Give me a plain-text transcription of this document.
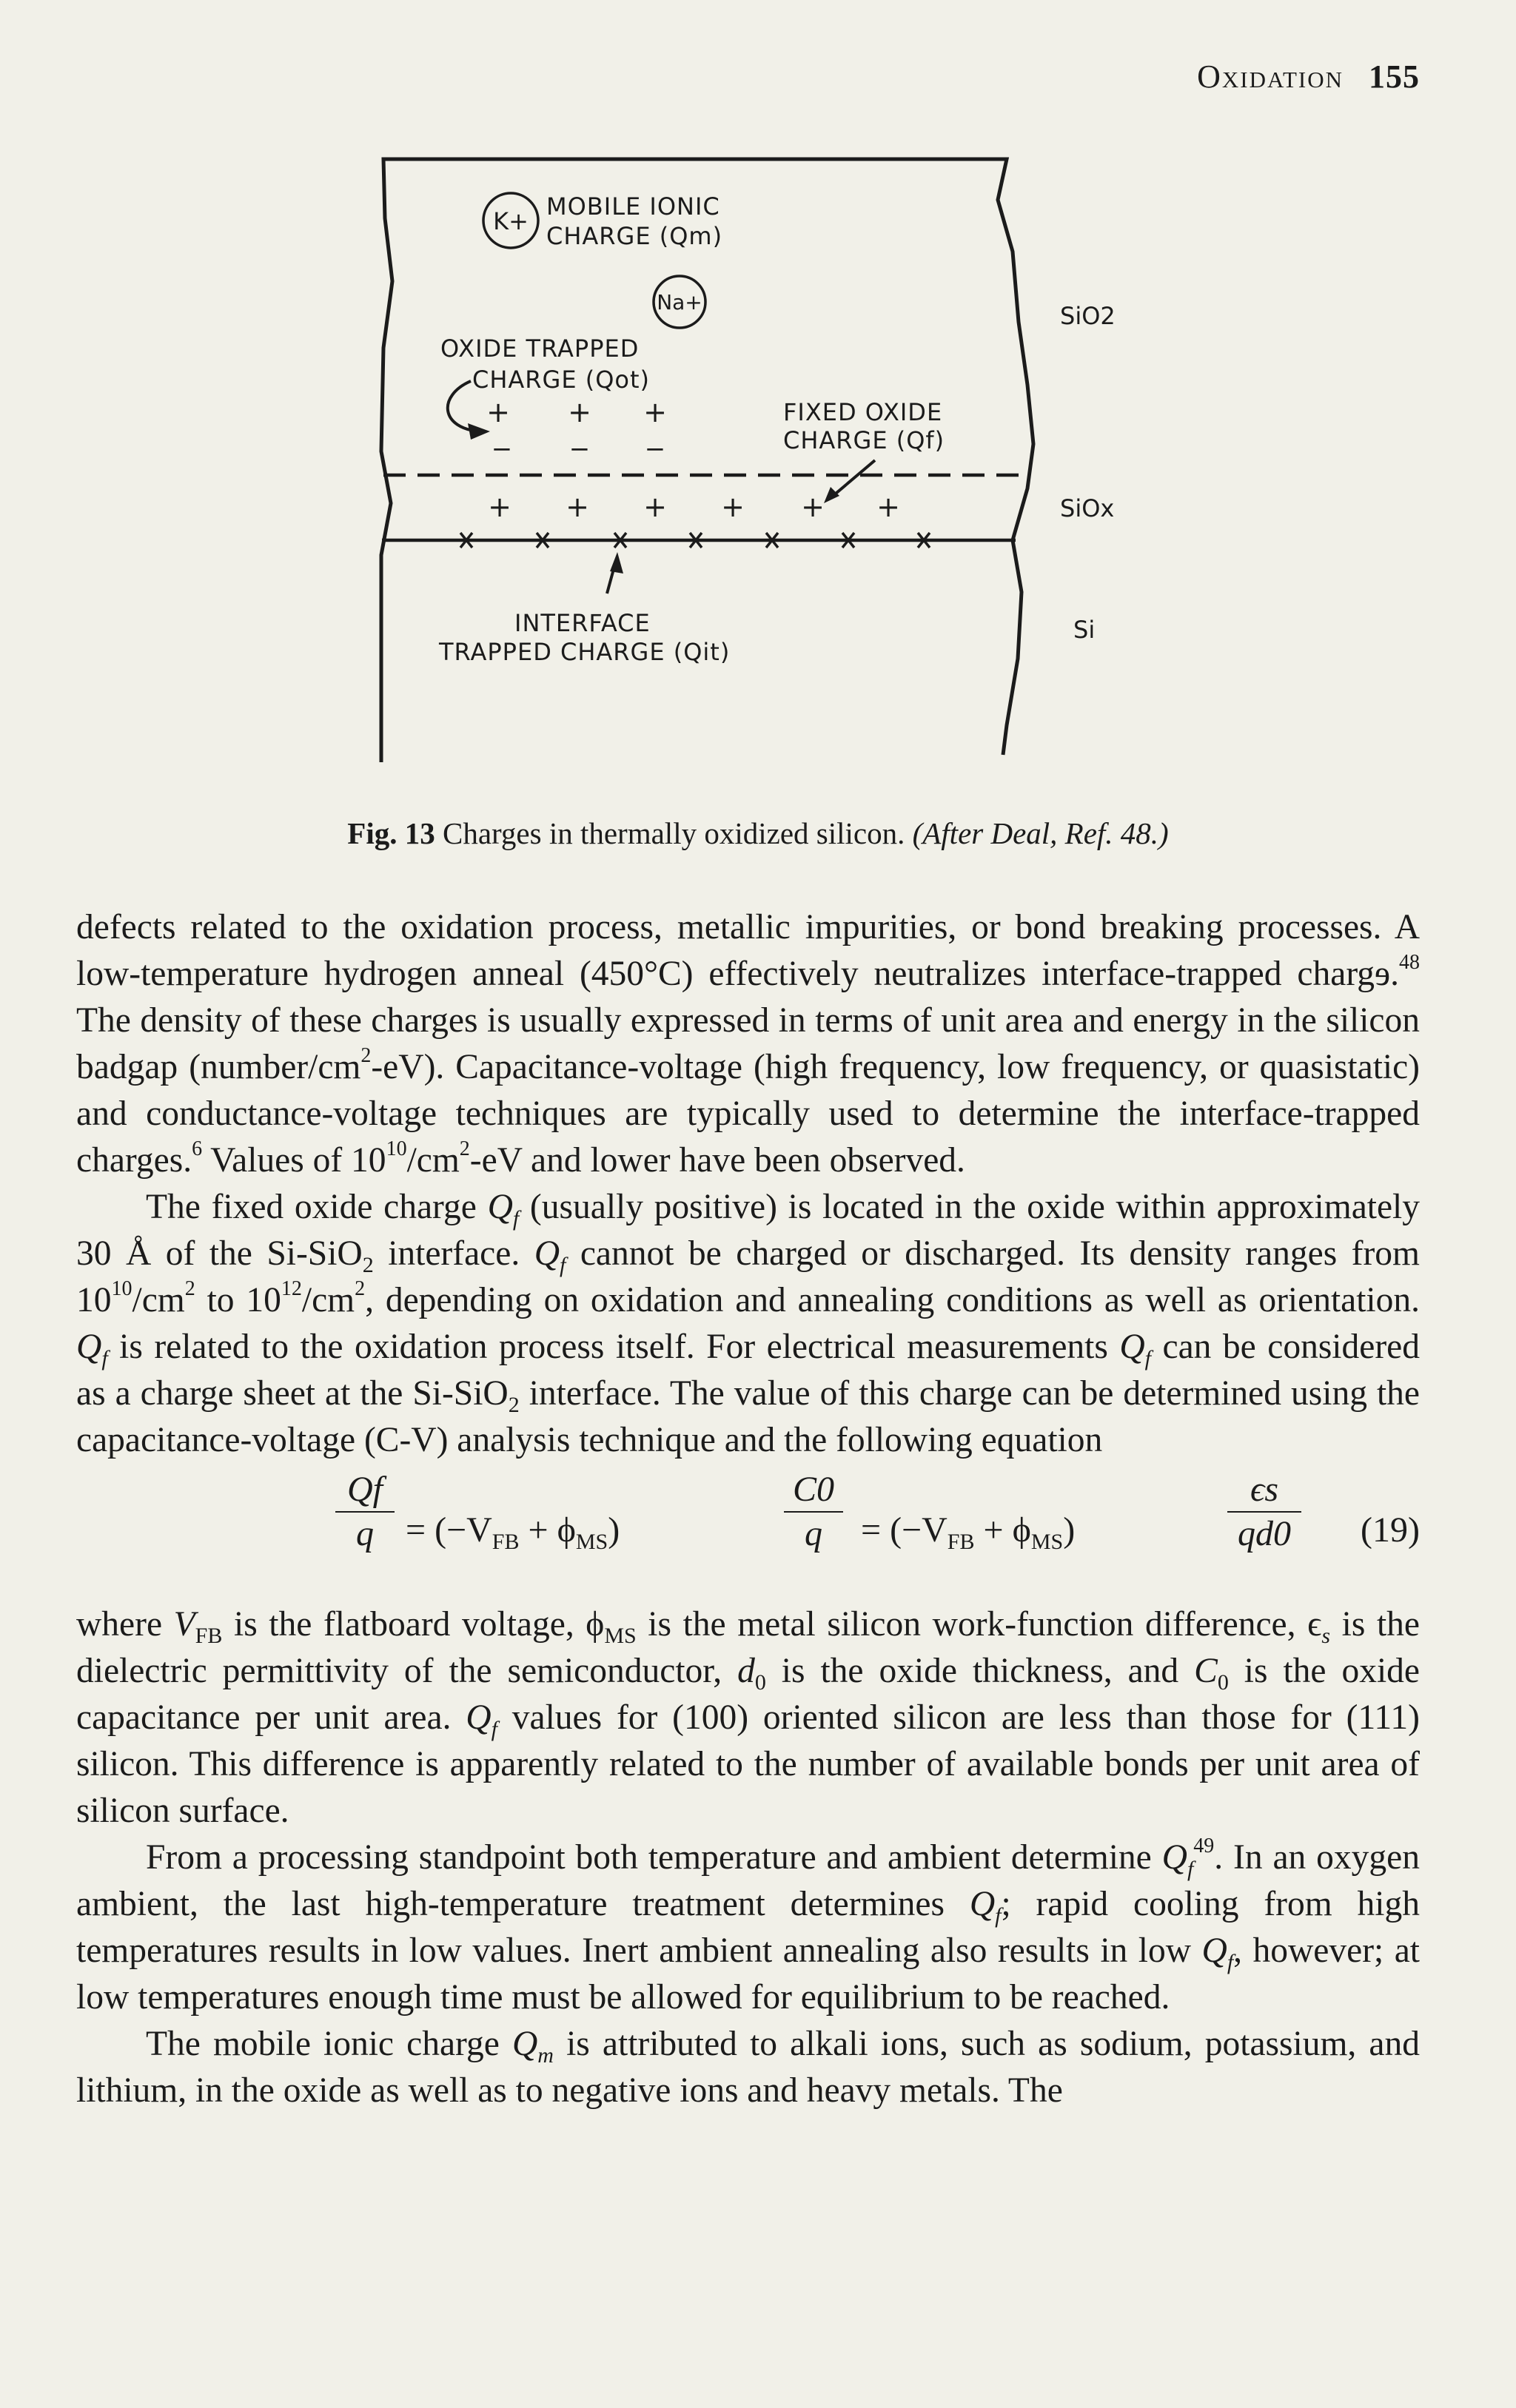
Oxidation 155
K+
MOBILE IONIC
CHARGE (Qm)
Na+
OXIDE TRAPPED
CHARGE (Qot)
+ + +
− − −
FIXED OXIDE
CHARGE (Qf)
+ + + + + +
INTERFACE
TRAPPED CHARGE (Qit)
SiO2
SiOx
Si
Fig. 13 Charges in thermally oxidized silicon. (After Deal, Ref. 48.)

defects related to the oxidation process, metallic impurities, or bond breaking processes. A low-temperature hydrogen anneal (450°C) effectively neutralizes interface-trapped chargɘ.$^{48}$ The density of these charges is usually expressed in terms of unit area and energy in the silicon badgap $(number/cm^2-eV)$. Capacitance-voltage (high frequency, low frequency, or quasistatic) and conductance-voltage techniques are typically used to determine the interface-trapped charges.$^6$ Values of $10^{10}/cm^2-eV$ and lower have been observed.

The fixed oxide charge $Q_f$ (usually positive) is located in the oxide within approximately 30 Å of the Si-SiO$_2$ interface. $Q_f$ cannot be charged or discharged. Its density ranges from $10^{10}/cm^2$ to $10^{12}/cm^2$, depending on oxidation and annealing conditions as well as orientation. $Q_f$ is related to the oxidation process itself. For electrical measurements $Q_f$ can be considered as a charge sheet at the Si-SiO$_2$ interface. The value of this charge can be determined using the capacitance-voltage (C-V) analysis technique and the following equation

Qf
$q = (-V_{FB} + \phi_{MS})$
C0
q	= $(-V_{FB} + \phi_{MS})$
ϵs
qd0 (19)

where $V_{FB}$ is the flatboard voltage, $\phi_{MS}$ is the metal silicon work-function difference, $\epsilon_s$ is the dielectric permittivity of the semiconductor, $d_0$ is the oxide thickness, and $C_0$ is the oxide capacitance per unit area. $Q_f$ values for (100) oriented silicon are less than those for (111) silicon. This difference is apparently related to the number of available bonds per unit area of silicon surface.

From a processing standpoint both temperature and ambient determine $Q_f^{49}$. In an oxygen ambient, the last high-temperature treatment determines $Q_f$; rapid cooling from high temperatures results in low values. Inert ambient annealing also results in low $Q_f$, however; at low temperatures enough time must be allowed for equilibrium to be reached.

The mobile ionic charge $Q_m$ is attributed to alkali ions, such as sodium, potassium, and lithium, in the oxide as well as to negative ions and heavy metals. The
